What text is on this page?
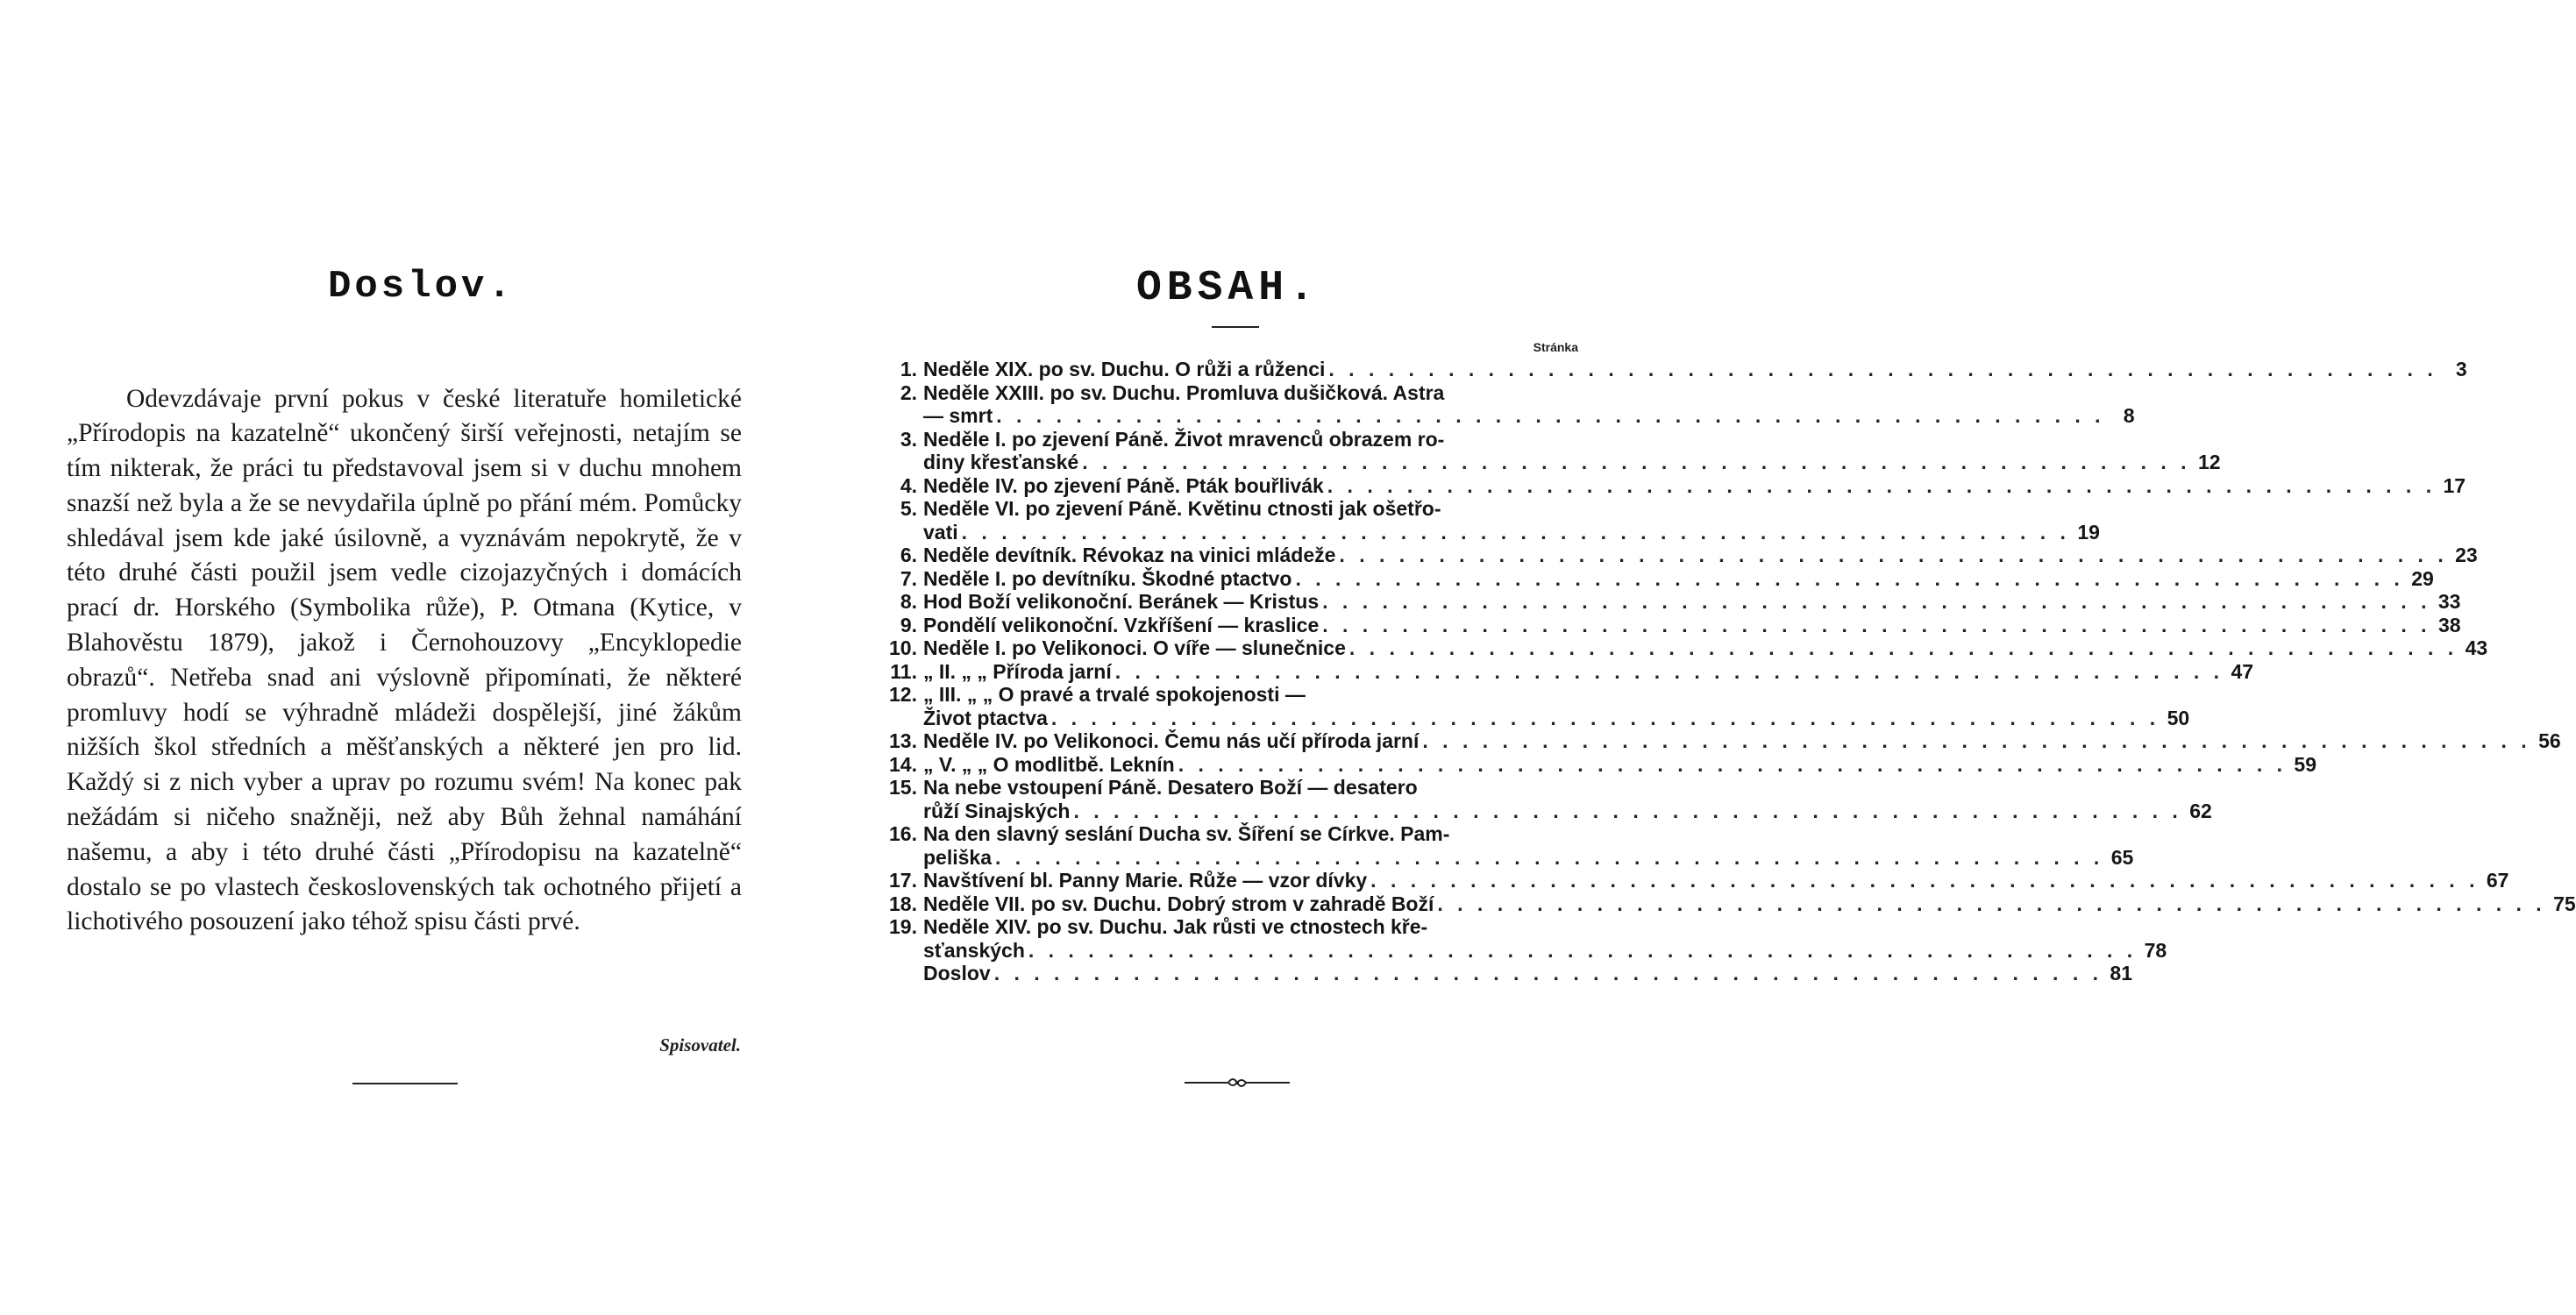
Doslov.

Odevzdávaje první pokus v české literatuře homiletické „Přírodopis na kazatelně“ ukončený širší veřejnosti, netajím se tím nikterak, že práci tu představoval jsem si v duchu mnohem snazší než byla a že se nevydařila úplně po přání mém. Pomůcky shledával jsem kde jaké úsilovně, a vyznávám nepokrytě, že v této druhé části použil jsem vedle cizojazyčných i domácích prací dr. Horského (Symbolika růže), P. Otmana (Kytice, v Blahověstu 1879), jakož i Černohouzovy „Encyklopedie obrazů“. Netřeba snad ani výslovně připomínati, že některé promluvy hodí se výhradně mládeži dospělejší, jiné žákům nižších škol středních a měšťanských a některé jen pro lid. Každý si z nich vyber a uprav po rozumu svém! Na konec pak nežádám si ničeho snažněji, než aby Bůh žehnal namáhání našemu, a aby i této druhé části „Přírodopisu na kazatelně“ dostalo se po vlastech československých tak ochotného přijetí a lichotivého posouzení jako téhož spisu části prvé.

Spisovatel.
OBSAH.
Stránka
1. Neděle XIX. po sv. Duchu. O růži a růženci . . .	3
2. Neděle XXIII. po sv. Duchu. Promluva dušičková. Astra
— smrt . . .	8
3. Neděle I. po zjevení Páně. Život mravenců obrazem ro-
diny křesťanské . . .	12
4. Neděle IV. po zjevení Páně. Pták bouřlivák . . .	17
5. Neděle VI. po zjevení Páně. Květinu ctnosti jak ošetřo-
vati . . .	19
6. Neděle devítník. Révokaz na vinici mládeže . . .	23
7. Neděle I. po devítníku. Škodné ptactvo . . .	29
8. Hod Boží velikonoční. Beránek — Kristus . . .	33
9. Pondělí velikonoční. Vzkříšení — kraslice . . .	38
10. Neděle I. po Velikonoci. O víře — slunečnice . . .	43
11. „ II. „ „ Příroda jarní . . .	47
12. „ III. „ „ O pravé a trvalé spokojenosti —
Život ptactva . . .	50
13. Neděle IV. po Velikonoci. Čemu nás učí příroda jarní . . .	56
14. „ V. „ „ O modlitbě. Leknín . . .	59
15. Na nebe vstoupení Páně. Desatero Boží — desatero
růží Sinajských . . .	62
16. Na den slavný seslání Ducha sv. Šíření se Církve. Pam-
peliška . . .	65
17. Navštívení bl. Panny Marie. Růže — vzor dívky . . .	67
18. Neděle VII. po sv. Duchu. Dobrý strom v zahradě Boží . . .	75
19. Neděle XIV. po sv. Duchu. Jak růsti ve ctnostech kře-
sťanských . . .	78
Doslov . . .	81
